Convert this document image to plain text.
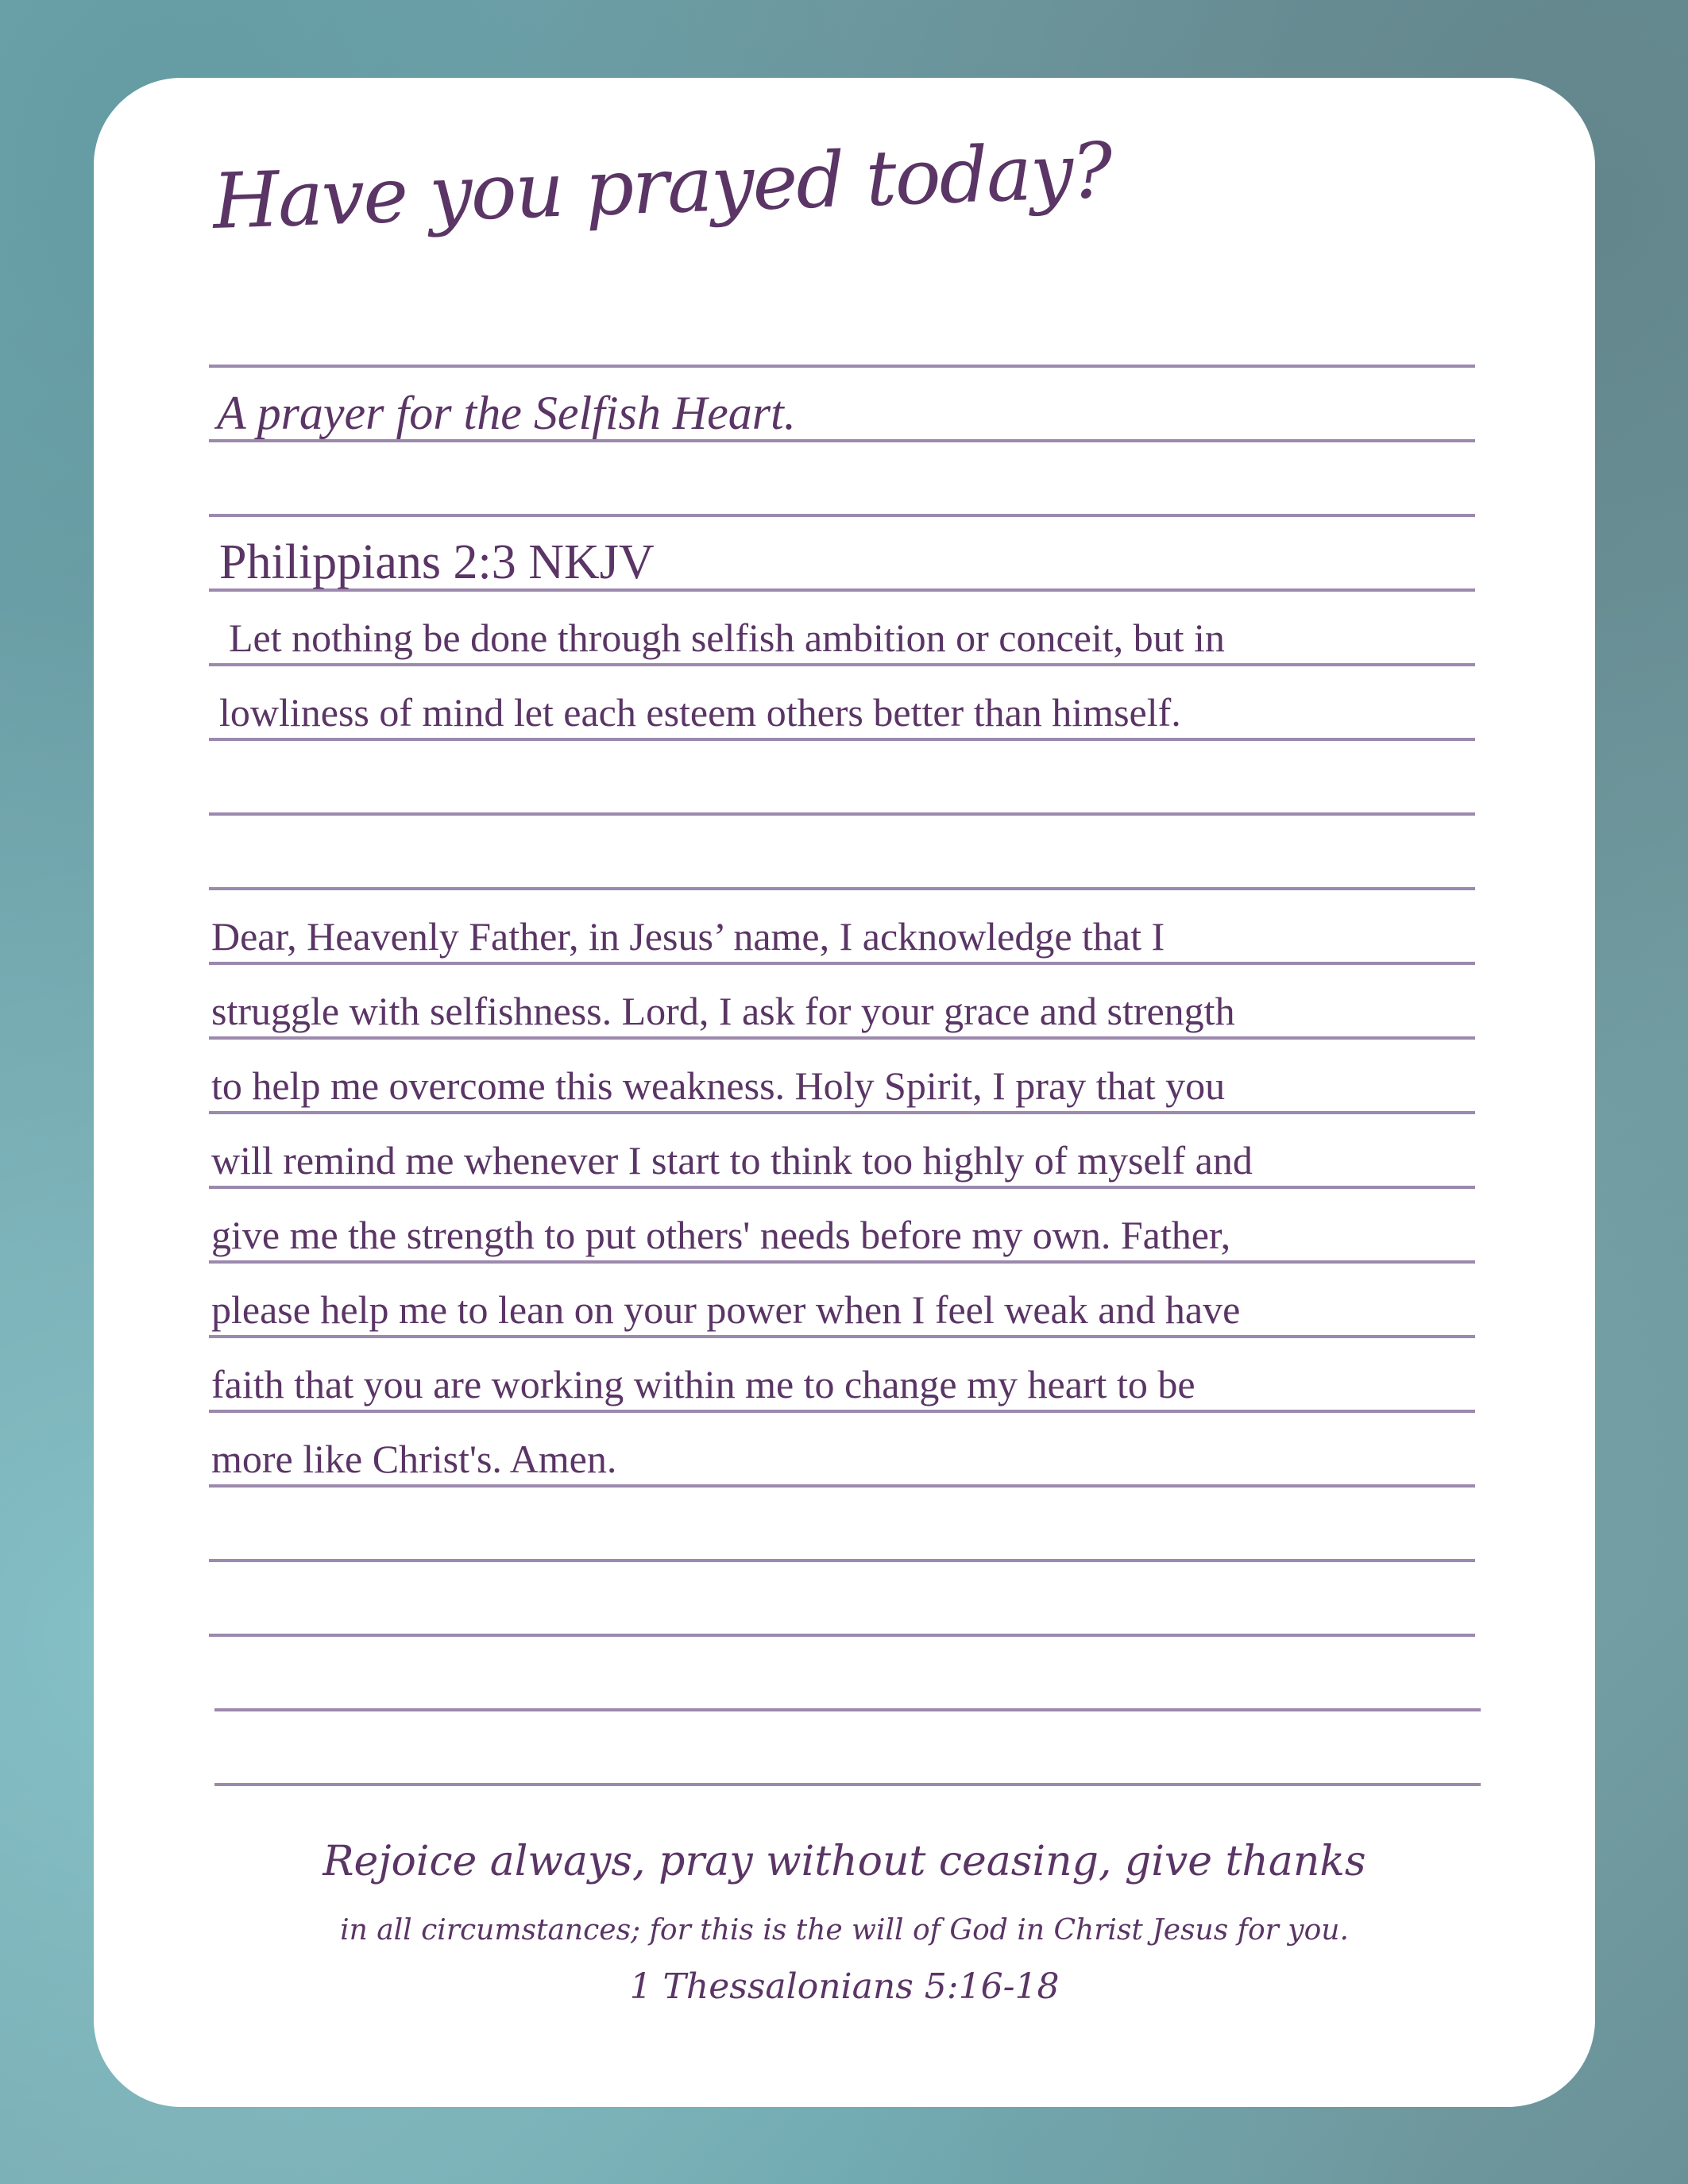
Have you prayed today?
A prayer for the Selfish Heart.
Philippians 2:3 NKJV
Let nothing be done through selfish ambition or conceit, but in
lowliness of mind let each esteem others better than himself.
Dear, Heavenly Father, in Jesus’ name, I acknowledge that I
struggle with selfishness. Lord, I ask for your grace and strength
to help me overcome this weakness. Holy Spirit, I pray that you
will remind me whenever I start to think too highly of myself and
give me the strength to put others' needs before my own. Father,
please help me to lean on your power when I feel weak and have
faith that you are working within me to change my heart to be
more like Christ's. Amen.
Rejoice always, pray without ceasing, give thanks
in all circumstances; for this is the will of God in Christ Jesus for you.
1 Thessalonians 5:16-18
